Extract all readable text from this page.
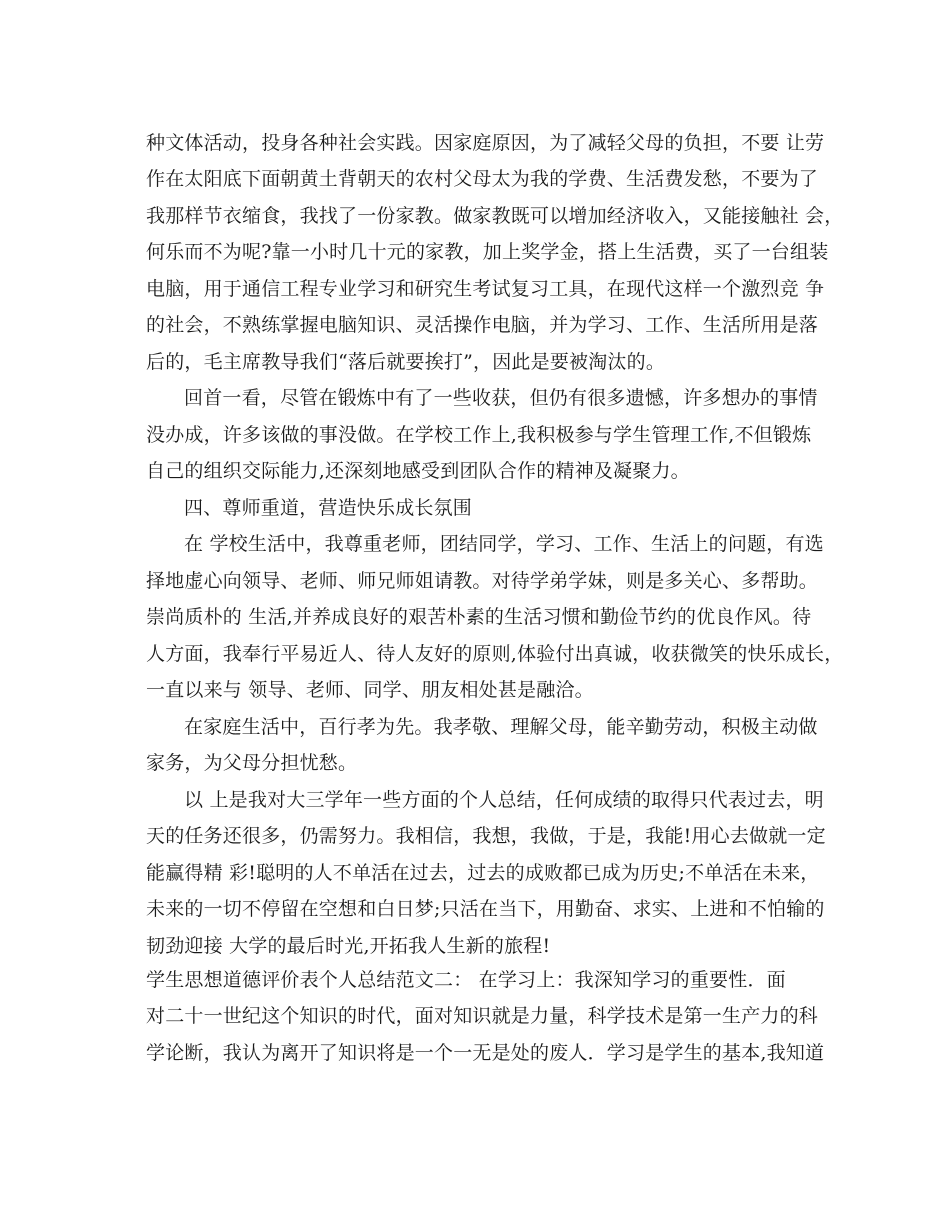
种文体活动，投身各种社会实践。因家庭原因，为了减轻父母的负担，不要 让劳
作在太阳底下面朝黄土背朝天的农村父母太为我的学费、生活费发愁，不要为了
我那样节衣缩食，我找了一份家教。做家教既可以增加经济收入，又能接触社 会，
何乐而不为呢?靠一小时几十元的家教，加上奖学金，搭上生活费，买了一台组装
电脑，用于通信工程专业学习和研究生考试复习工具，在现代这样一个激烈竞 争
的社会，不熟练掌握电脑知识、灵活操作电脑，并为学习、工作、生活所用是落
后的，毛主席教导我们“落后就要挨打”，因此是要被淘汰的。
回首一看，尽管在锻炼中有了一些收获，但仍有很多遗憾，许多想办的事情
没办成，许多该做的事没做。在学校工作上,我积极参与学生管理工作,不但锻炼
自己的组织交际能力,还深刻地感受到团队合作的精神及凝聚力。
四、尊师重道，营造快乐成长氛围
在 学校生活中，我尊重老师，团结同学，学习、工作、生活上的问题，有选
择地虚心向领导、老师、师兄师姐请教。对待学弟学妹，则是多关心、多帮助。
崇尚质朴的 生活,并养成良好的艰苦朴素的生活习惯和勤俭节约的优良作风。待
人方面，我奉行平易近人、待人友好的原则,体验付出真诚，收获微笑的快乐成长，
一直以来与 领导、老师、同学、朋友相处甚是融洽。
在家庭生活中，百行孝为先。我孝敬、理解父母，能辛勤劳动，积极主动做
家务，为父母分担忧愁。
以 上是我对大三学年一些方面的个人总结，任何成绩的取得只代表过去，明
天的任务还很多，仍需努力。我相信，我想，我做，于是，我能!用心去做就一定
能赢得精 彩!聪明的人不单活在过去，过去的成败都已成为历史;不单活在未来，
未来的一切不停留在空想和白日梦;只活在当下，用勤奋、求实、上进和不怕输的
韧劲迎接 大学的最后时光,开拓我人生新的旅程!
学生思想道德评价表个人总结范文二： 在学习上：我深知学习的重要性．面
对二十一世纪这个知识的时代，面对知识就是力量，科学技术是第一生产力的科
学论断，我认为离开了知识将是一个一无是处的废人．学习是学生的基本,我知道
